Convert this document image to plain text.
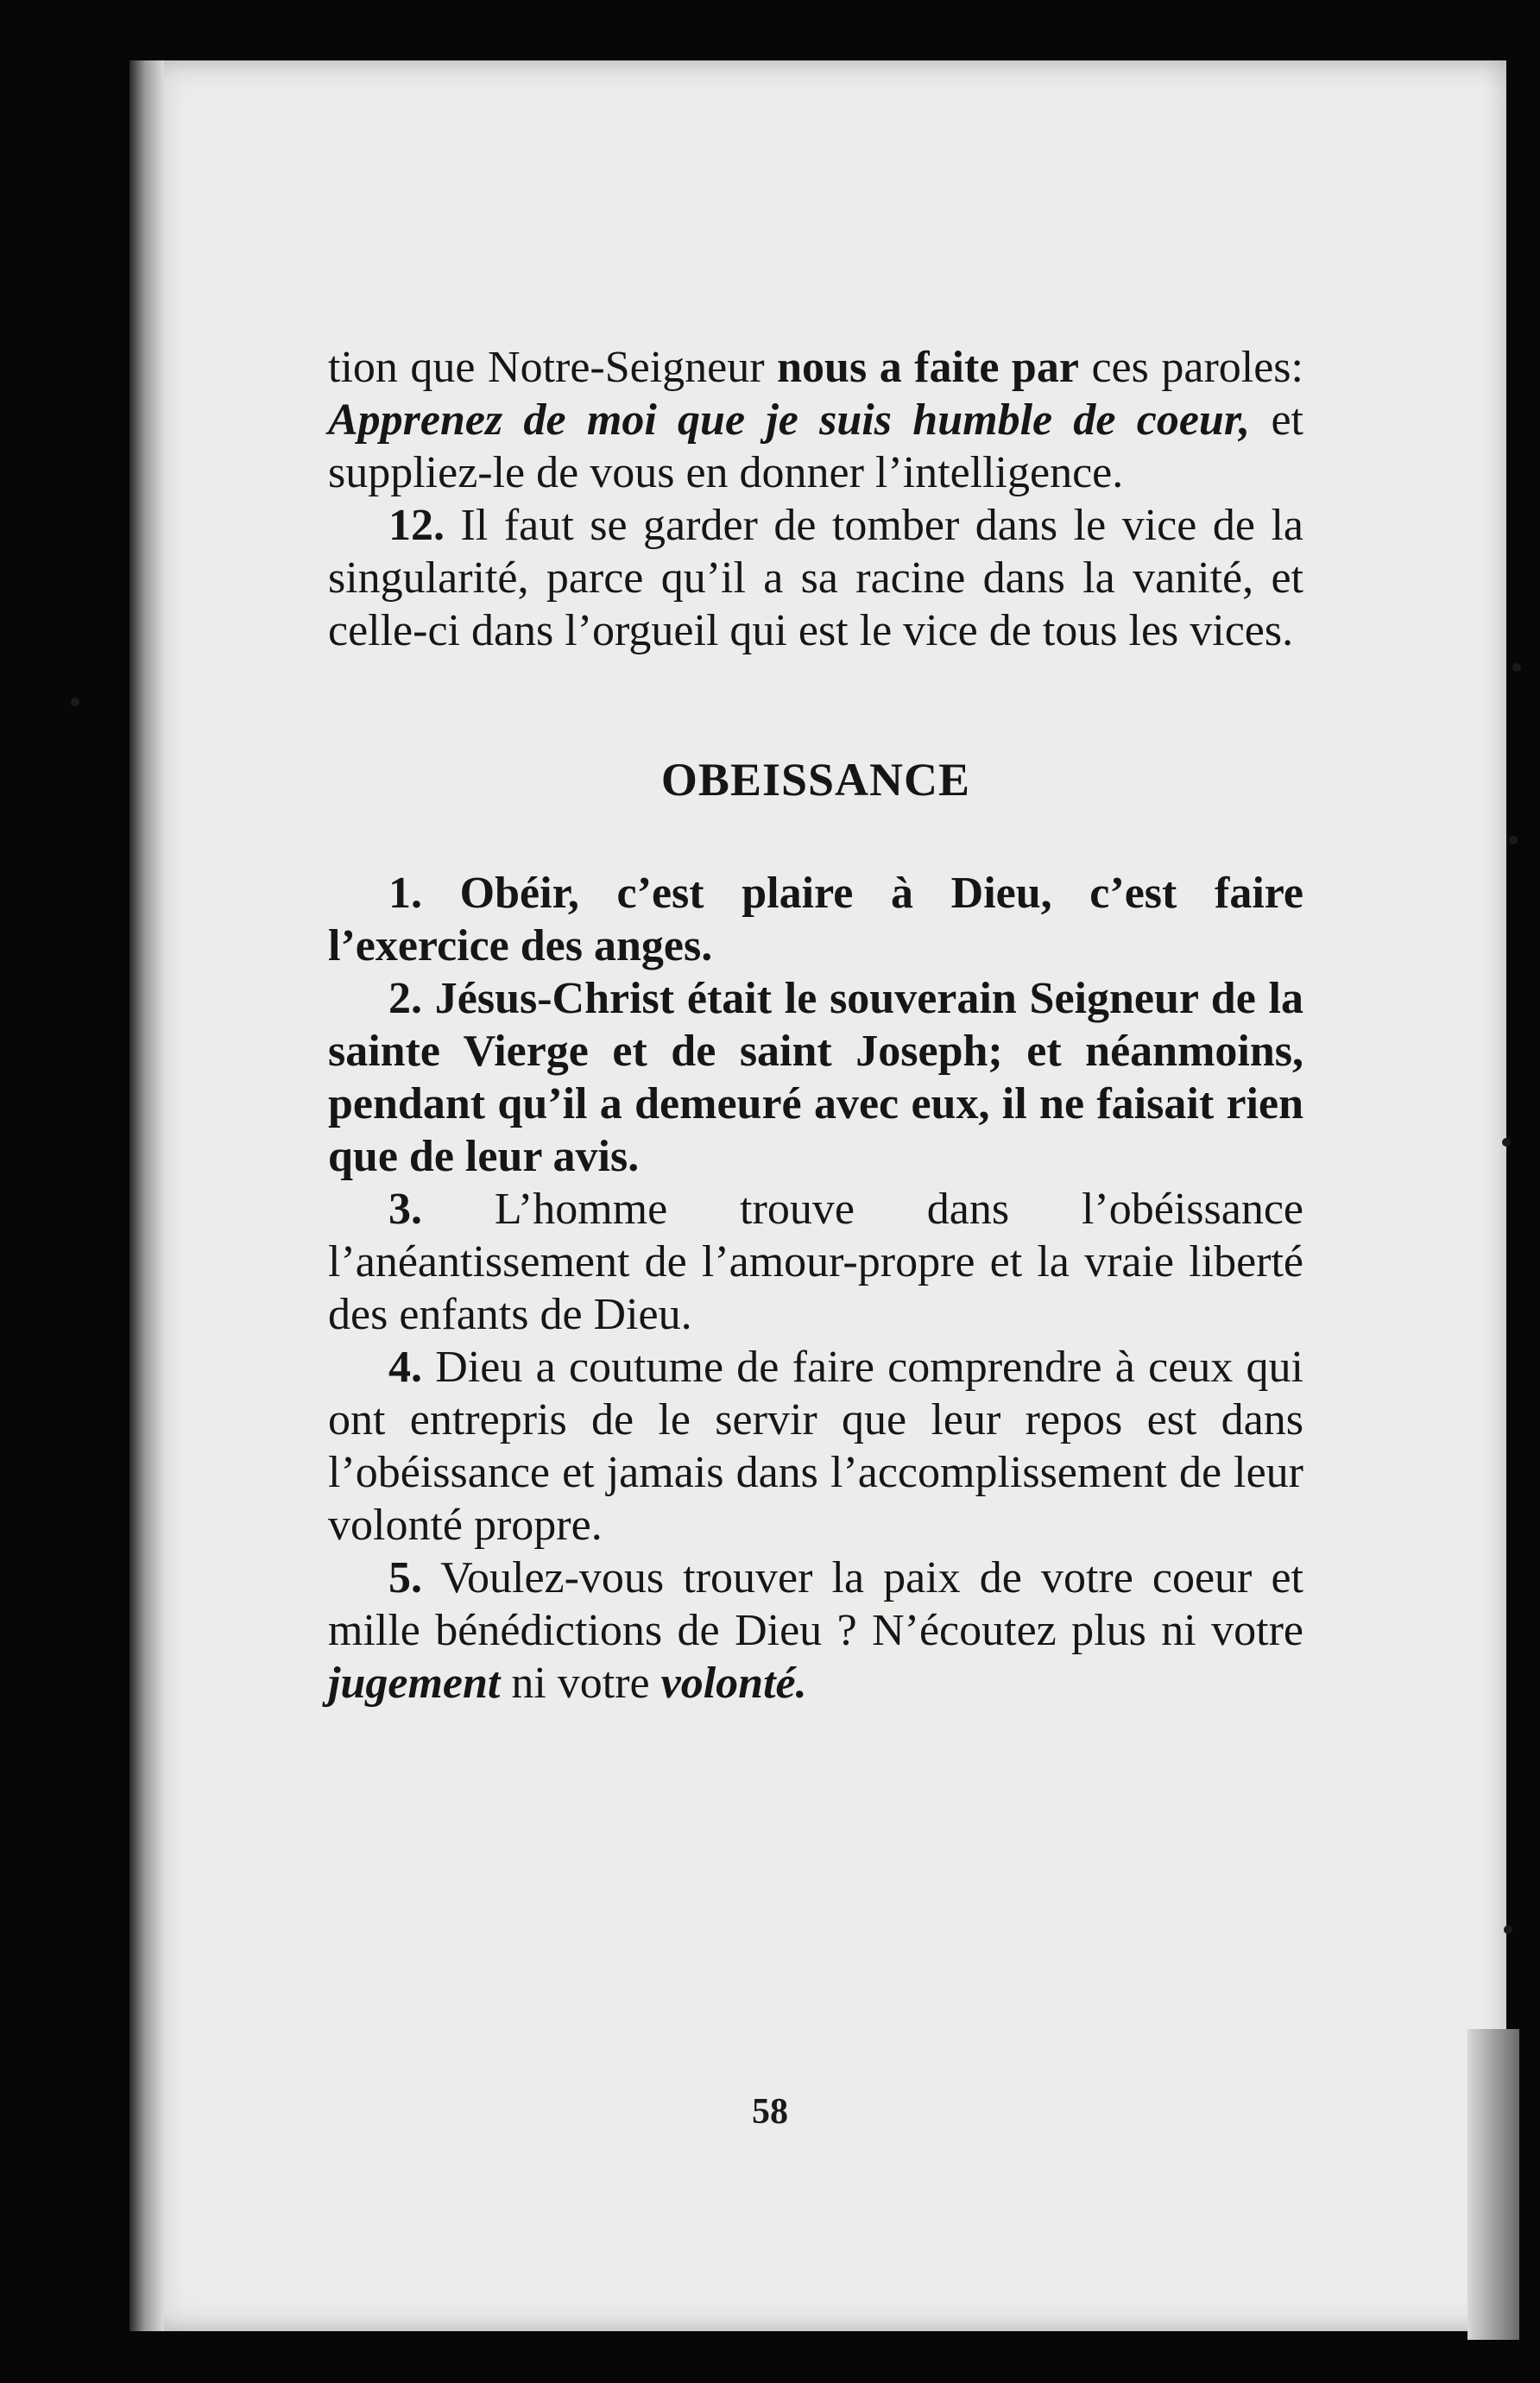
tion que Notre-Seigneur nous a faite par ces paroles: Apprenez de moi que je suis humble de coeur, et suppliez-le de vous en donner l’intelligence.

12. Il faut se garder de tomber dans le vice de la singularité, parce qu’il a sa racine dans la vanité, et celle-ci dans l’orgueil qui est le vice de tous les vices.

OBEISSANCE

1. Obéir, c’est plaire à Dieu, c’est faire l’exercice des anges.

2. Jésus-Christ était le souverain Seigneur de la sainte Vierge et de saint Joseph; et néanmoins, pendant qu’il a demeuré avec eux, il ne faisait rien que de leur avis.

3. L’homme trouve dans l’obéissance l’anéantissement de l’amour-propre et la vraie liberté des enfants de Dieu.

4. Dieu a coutume de faire comprendre à ceux qui ont entrepris de le servir que leur repos est dans l’obéissance et jamais dans l’accomplissement de leur volonté propre.

5. Voulez-vous trouver la paix de votre coeur et mille bénédictions de Dieu ? N’écoutez plus ni votre jugement ni votre volonté.

58
